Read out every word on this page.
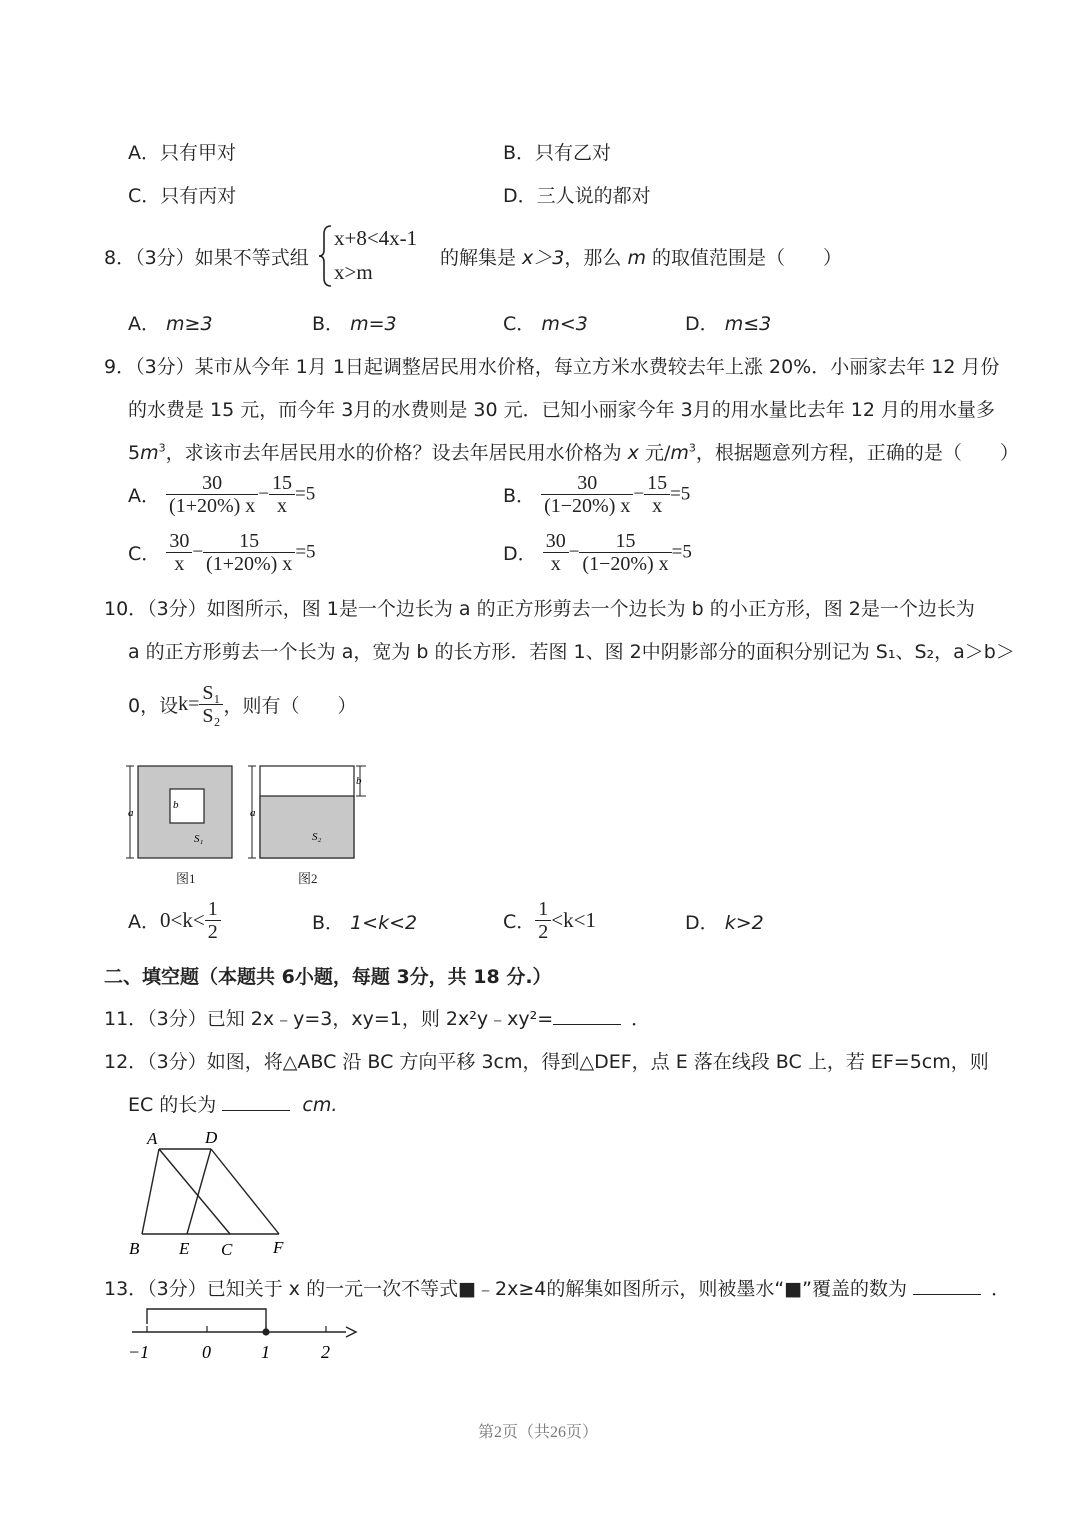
A．只有甲对	B．只有乙对
C．只有丙对	D．三人说的都对
8．（3分）如果不等式组
x+8<4x-1
x>m
的解集是 x＞3，那么 m 的取值范围是（　　）
A． m≥3	B． m=3	C． m<3	D． m≤3
9．（3分）某市从今年 1月 1日起调整居民用水价格，每立方米水费较去年上涨 20%．小丽家去年 12 月份
的水费是 15 元，而今年 3月的水费则是 30 元．已知小丽家今年 3月的用水量比去年 12 月的用水量多
$5m^3$，求该市去年居民用水的价格？设去年居民用水价格为 x 元$/m^3$，根据题意列方程，正确的是（　　）
A． $\frac{30}{(1+20\%) x} - \frac{15}{x} =5$	B． $\frac{30}{(1-20\%) x} - \frac{15}{x} =5$
C． $\frac{30}{x} - \frac{15}{(1+20\%) x} =5$	D． $\frac{30}{x} - \frac{15}{(1-20\%) x} =5$
10．（3分）如图所示，图 1是一个边长为 a 的正方形剪去一个边长为 b 的小正方形，图 2是一个边长为
a 的正方形剪去一个长为 a，宽为 b 的长方形．若图 1、图 2中阴影部分的面积分别记为 S₁、S₂，a＞b＞
0，设$k= \frac{\text{S₁}}{\text{S₂}}$ ，则有（　　）
a
b
S₁
a
b
S₂
图1	图2
A．$0<k< \frac{1}{2}$	B． 1<k<2	C． $\frac{1}{2} <k<1$	D． k>2
二、填空题（本题共 6小题，每题 3分，共 18 分.）
11．（3分）已知 2x﹣y=3，xy=1，则 2x²y﹣xy²=	．
12．（3分）如图，将△ABC 沿 BC 方向平移 3cm，得到△DEF，点 E 落在线段 BC 上，若 EF=5cm，则
EC 的长为	cm.
A	D
B E C F
13．（3分）已知关于 x 的一元一次不等式■﹣2x≥4的解集如图所示，则被墨水“■”覆盖的数为	．
−1	0	1	2
第2页（共26页）
